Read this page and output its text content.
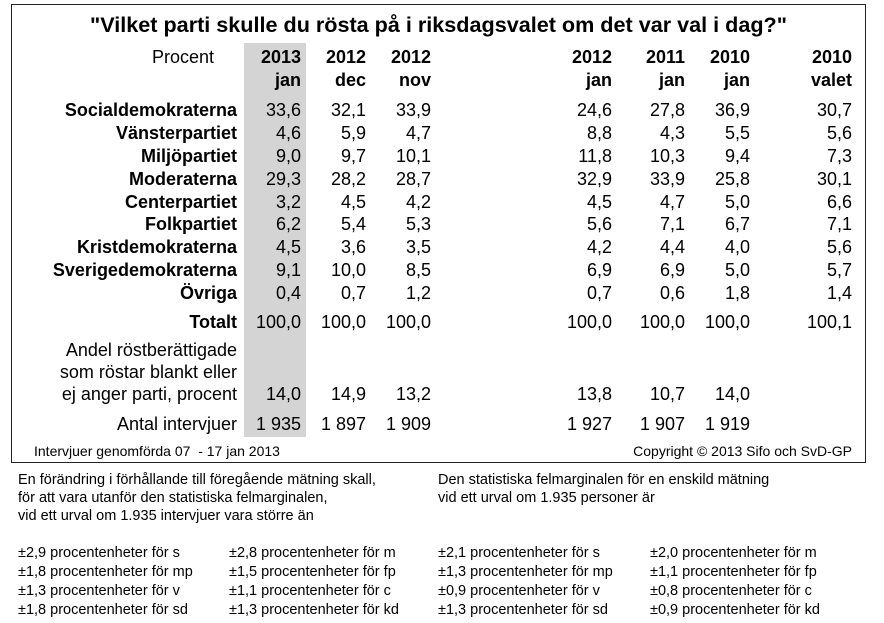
"Vilket parti skulle du rösta på i riksdagsvalet om det var val i dag?"
Procent	2013	2012	2012	2012	2011	2010	2010
jan	dec	nov	jan	jan	jan	valet
Socialdemokraterna	33,6	32,1	33,9	24,6	27,8	36,9	30,7
Vänsterpartiet	4,6	5,9	4,7	8,8	4,3	5,5	5,6
Miljöpartiet	9,0	9,7	10,1	11,8	10,3	9,4	7,3
Moderaterna	29,3	28,2	28,7	32,9	33,9	25,8	30,1
Centerpartiet	3,2	4,5	4,2	4,5	4,7	5,0	6,6
Folkpartiet	6,2	5,4	5,3	5,6	7,1	6,7	7,1
Kristdemokraterna	4,5	3,6	3,5	4,2	4,4	4,0	5,6
Sverigedemokraterna	9,1	10,0	8,5	6,9	6,9	5,0	5,7
Övriga	0,4	0,7	1,2	0,7	0,6	1,8	1,4
Totalt	100,0	100,0	100,0	100,0	100,0	100,0	100,1
Andel röstberättigade
som röstar blankt eller
ej anger parti, procent	14,0	14,9	13,2	13,8	10,7	14,0
Antal intervjuer	1 935	1 897	1 909	1 927	1 907	1 919
Intervjuer genomförda 07  - 17 jan 2013	Copyright © 2013 Sifo och SvD-GP
En förändring i förhållande till föregående mätning skall,
för att vara utanför den statistiska felmarginalen,
vid ett urval om 1.935 intervjuer vara större än
Den statistiska felmarginalen för en enskild mätning
vid ett urval om 1.935 personer är
±2,9 procentenheter för s
±1,8 procentenheter för mp
±1,3 procentenheter för v
±1,8 procentenheter för sd
±2,8 procentenheter för m
±1,5 procentenheter för fp
±1,1 procentenheter för c
±1,3 procentenheter för kd
±2,1 procentenheter för s
±1,3 procentenheter för mp
±0,9 procentenheter för v
±1,3 procentenheter för sd
±2,0 procentenheter för m
±1,1 procentenheter för fp
±0,8 procentenheter för c
±0,9 procentenheter för kd
